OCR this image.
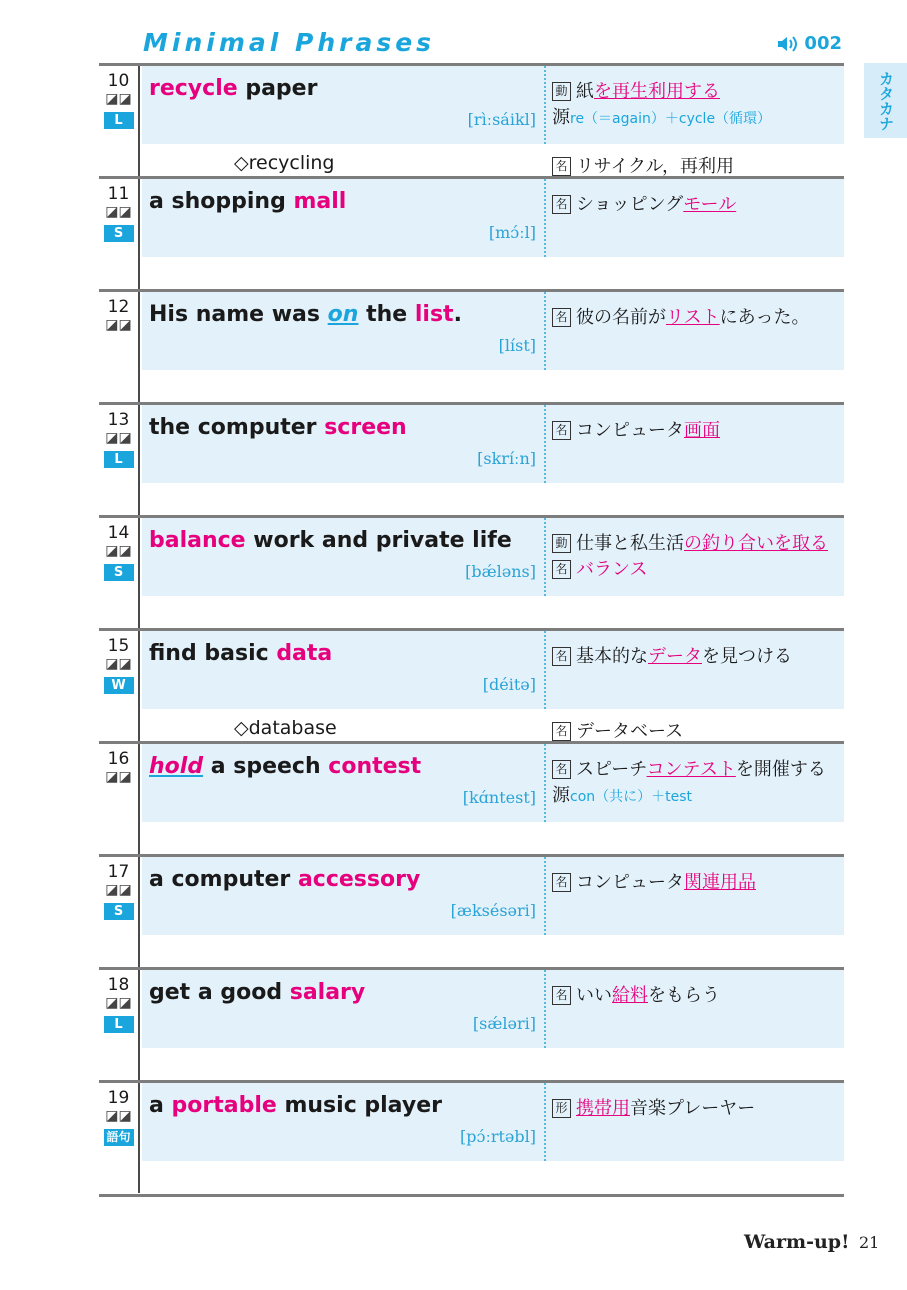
Minimal Phrases	002
カタカナ
10
◪◪
L
recycle paper
[rìːsáikl]
動 紙を再生利用する
源re（＝again）＋cycle（循環）
◇recycling	名 リサイクル，再利用
11
◪◪
S
a shopping mall
[mɔ́ːl]
名 ショッピングモール
12
◪◪ His name was on the list.
[líst]
名 彼の名前がリストにあった。
13
◪◪
L
the computer screen
[skríːn]
名 コンピュータ画面
14
◪◪
S
balance work and private life
[bǽləns]
動 仕事と私生活の釣り合いを取る
名 バランス
15
◪◪
W
find basic data
[déitə]
名 基本的なデータを見つける
◇database	名 データベース
16
◪◪ hold a speech contest
[kɑ́ntest]
名 スピーチコンテストを開催する
源con（共に）＋test
17
◪◪
S
a computer accessory
[æksésəri]
名 コンピュータ関連用品
18
◪◪
L
get a good salary
[sǽləri]
名 いい給料をもらう
19
◪◪
語句
a portable music player
[pɔ́ːrtəbl]
形 携帯用音楽プレーヤー
Warm-up! 21
